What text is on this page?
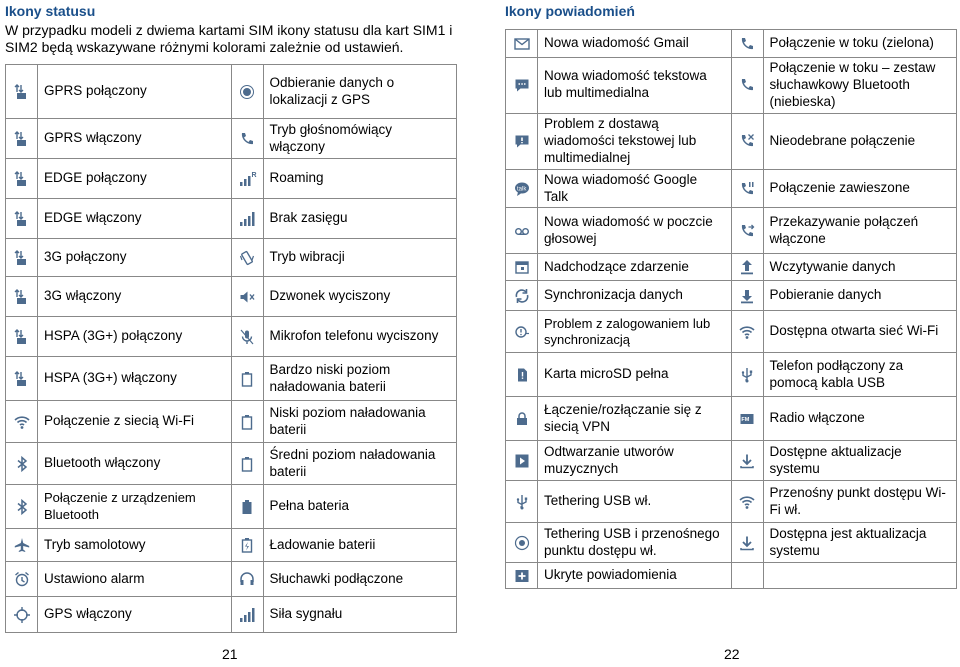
Ikony statusu
W przypadku modeli z dwiema kartami SIM ikony statusu dla kart SIM1 i SIM2 będą wskazywane różnymi kolorami zależnie od ustawień.
	GPRS połączony		Odbieranie danych o lokalizacji z GPS

	GPRS włączony		Tryb głośnomówiący włączony

	EDGE połączony	R	Roaming

	EDGE włączony		Brak zasięgu

	3G połączony		Tryb wibracji

	3G włączony		Dzwonek wyciszony

	HSPA (3G+) połączony		Mikrofon telefonu wyciszony

	HSPA (3G+) włączony		Bardzo niski poziom naładowania baterii

	Połączenie z siecią Wi-Fi		Niski poziom naładowania baterii

	Bluetooth włączony		Średni poziom naładowania baterii

	Połączenie z urządzeniem Bluetooth		Pełna bateria

	Tryb samolotowy		Ładowanie baterii

	Ustawiono alarm		Słuchawki podłączone

	GPS włączony		Siła sygnału
Ikony powiadomień
	Nowa wiadomość Gmail		Połączenie w toku (zielona)

	Nowa wiadomość tekstowa lub multimedialna		Połączenie w toku – zestaw słuchawkowy Bluetooth (niebieska)

	Problem z dostawą wiadomości tekstowej lub multimedialnej		Nieodebrane połączenie

talk	Nowa wiadomość Google Talk		Połączenie zawieszone

	Nowa wiadomość w poczcie głosowej		Przekazywanie połączeń włączone

	Nadchodzące zdarzenie		Wczytywanie danych

	Synchronizacja danych		Pobieranie danych

	Problem z zalogowaniem lub synchronizacją		Dostępna otwarta sieć Wi-Fi

	Karta microSD pełna		Telefon podłączony za pomocą kabla USB

	Łączenie/rozłączanie się z siecią VPN	FM	Radio włączone

	Odtwarzanie utworów muzycznych		Dostępne aktualizacje systemu

	Tethering USB wł.		Przenośny punkt dostępu Wi-Fi wł.

	Tethering USB i przenośnego punktu dostępu wł.		Dostępna jest aktualizacja systemu

	Ukryte powiadomienia		
21	22
